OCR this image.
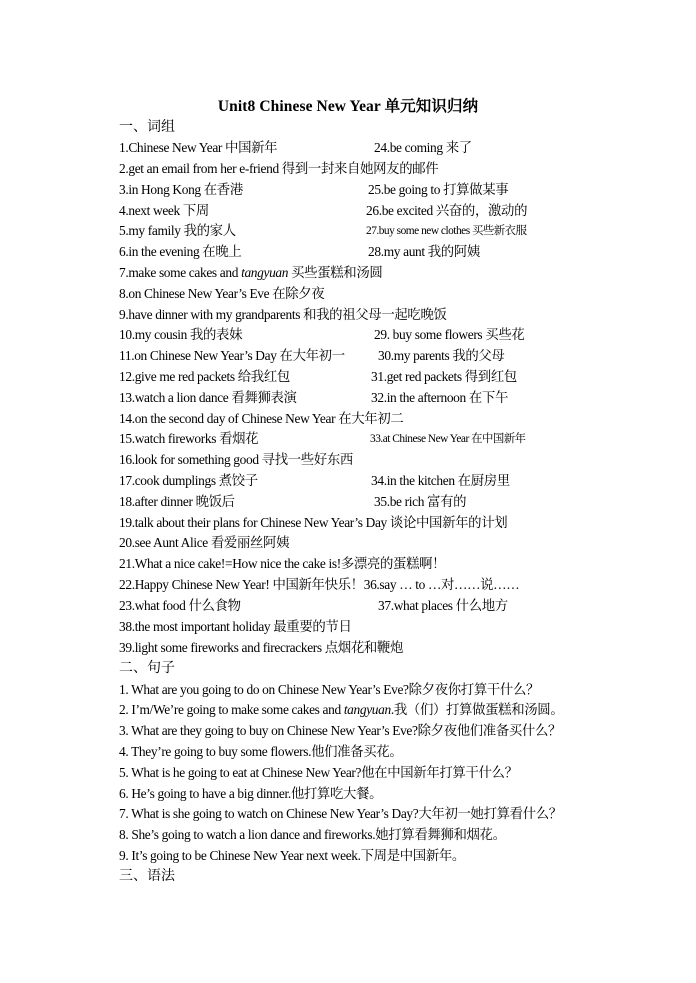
Unit8 Chinese New Year 单元知识归纳
一、词组
1.Chinese New Year 中国新年	24.be coming 来了
2.get an email from her e-friend 得到一封来自她网友的邮件
3.in Hong Kong 在香港	25.be going to 打算做某事
4.next week 下周	26.be excited 兴奋的，激动的
5.my family 我的家人	27.buy some new clothes 买些新衣服
6.in the evening 在晚上	28.my aunt 我的阿姨
7.make some cakes and tangyuan 买些蛋糕和汤圆
8.on Chinese New Year’s Eve 在除夕夜
9.have dinner with my grandparents 和我的祖父母一起吃晚饭
10.my cousin 我的表妹	29. buy some flowers 买些花
11.on Chinese New Year’s Day 在大年初一 30.my parents 我的父母
12.give me red packets 给我红包	31.get red packets 得到红包
13.watch a lion dance 看舞狮表演	32.in the afternoon 在下午
14.on the second day of Chinese New Year 在大年初二
15.watch fireworks 看烟花	33.at Chinese New Year 在中国新年
16.look for something good 寻找一些好东西
17.cook dumplings 煮饺子	34.in the kitchen 在厨房里
18.after dinner 晚饭后	35.be rich 富有的
19.talk about their plans for Chinese New Year’s Day 谈论中国新年的计划
20.see Aunt Alice 看爱丽丝阿姨
21.What a nice cake!=How nice the cake is!多漂亮的蛋糕啊！
22.Happy Chinese New Year! 中国新年快乐！36.say … to …对……说……
23.what food 什么食物	37.what places 什么地方
38.the most important holiday 最重要的节日
39.light some fireworks and firecrackers 点烟花和鞭炮
二、句子
1. What are you going to do on Chinese New Year’s Eve?除夕夜你打算干什么？
2. I’m/We’re going to make some cakes and tangyuan.我（们）打算做蛋糕和汤圆。
3. What are they going to buy on Chinese New Year’s Eve?除夕夜他们准备买什么？
4. They’re going to buy some flowers.他们准备买花。
5. What is he going to eat at Chinese New Year?他在中国新年打算干什么？
6. He’s going to have a big dinner.他打算吃大餐。
7. What is she going to watch on Chinese New Year’s Day?大年初一她打算看什么？
8. She’s going to watch a lion dance and fireworks.她打算看舞狮和烟花。
9. It’s going to be Chinese New Year next week.下周是中国新年。
三、语法
